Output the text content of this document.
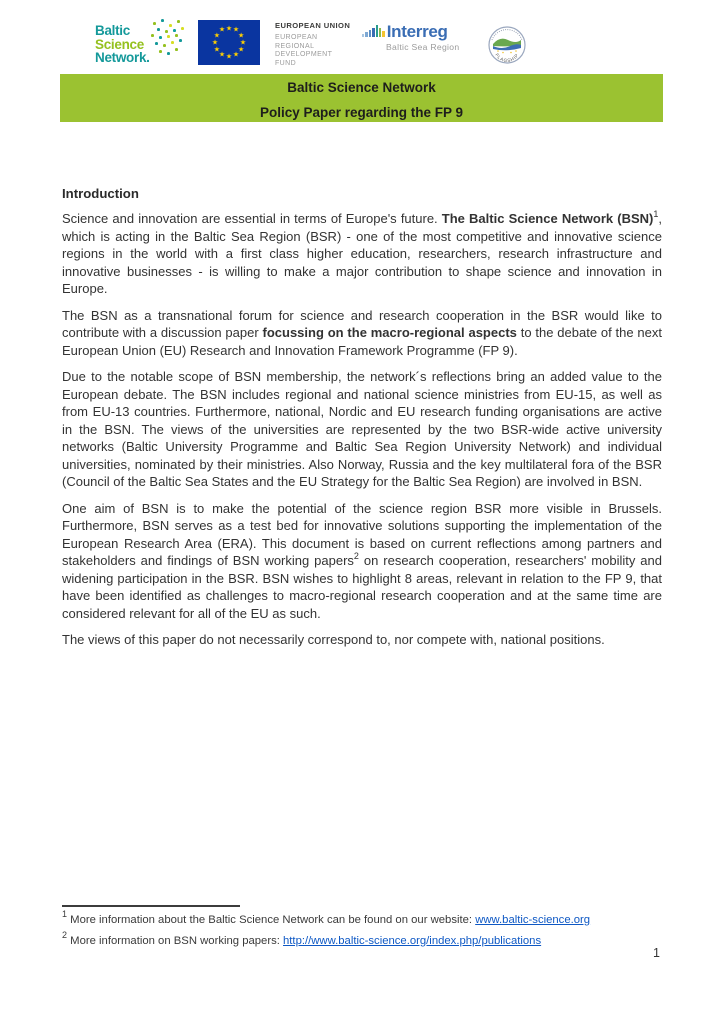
Baltic
Science
Network.
★ ★
★
★
★
★
★
★
★
★
★
★
EUROPEAN UNION
EUROPEAN
REGIONAL
DEVELOPMENT
FUND
Interreg
Baltic Sea Region
FLAGSHIP
Baltic Science Network
Policy Paper regarding the FP 9
Introduction

Science and innovation are essential in terms of Europe's future. The Baltic Science Network (BSN)$^1$, which is acting in the Baltic Sea Region (BSR) - one of the most competitive and innovative science regions in the world with a first class higher education, researchers, research infrastructure and innovative businesses - is willing to make a major contribution to shape science and innovation in Europe.

The BSN as a transnational forum for science and research cooperation in the BSR would like to contribute with a discussion paper focussing on the macro-regional aspects to the debate of the next European Union (EU) Research and Innovation Framework Programme (FP 9).

Due to the notable scope of BSN membership, the network´s reflections bring an added value to the European debate. The BSN includes regional and national science ministries from EU-15, as well as from EU-13 countries. Furthermore, national, Nordic and EU research funding organisations are active in the BSN. The views of the universities are represented by the two BSR-wide active university networks (Baltic University Programme and Baltic Sea Region University Network) and individual universities, nominated by their ministries. Also Norway, Russia and the key multilateral fora of the BSR (Council of the Baltic Sea States and the EU Strategy for the Baltic Sea Region) are involved in BSN.

One aim of BSN is to make the potential of the science region BSR more visible in Brussels. Furthermore, BSN serves as a test bed for innovative solutions supporting the implementation of the European Research Area (ERA). This document is based on current reflections among partners and stakeholders and findings of BSN working papers$^2$ on research cooperation, researchers' mobility and widening participation in the BSR. BSN wishes to highlight 8 areas, relevant in relation to the FP 9, that have been identified as challenges to macro-regional research cooperation and at the same time are considered relevant for all of the EU as such.

The views of this paper do not necessarily correspond to, nor compete with, national positions.

$^1$ More information about the Baltic Science Network can be found on our website: www.baltic-science.org
$^2$ More information on BSN working papers: http://www.baltic-science.org/index.php/publications
1
